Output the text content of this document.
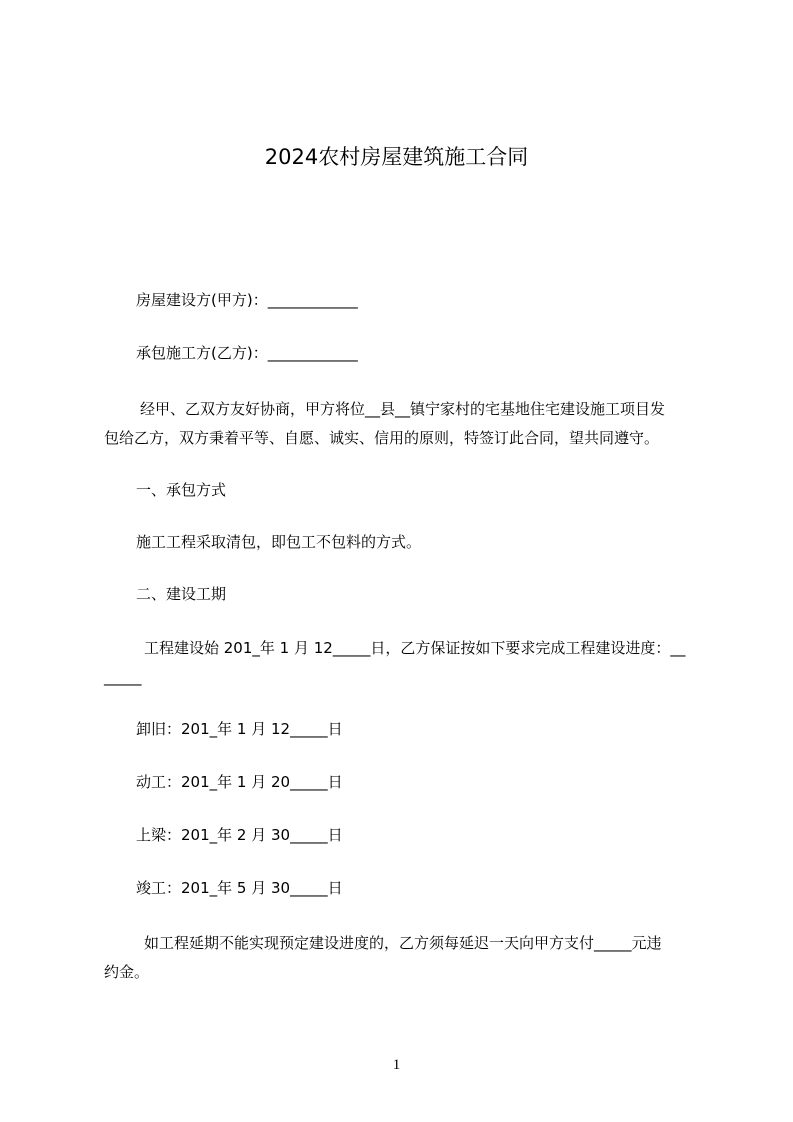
2024农村房屋建筑施工合同
房屋建设方(甲方)：____________
承包施工方(乙方)：____________
经甲、乙双方友好协商，甲方将位__县__镇宁家村的宅基地住宅建设施工项目发
包给乙方，双方秉着平等、自愿、诚实、信用的原则，特签订此合同，望共同遵守。
一、承包方式
施工工程采取清包，即包工不包料的方式。
二、建设工期
工程建设始 201_年 1 月 12_____日，乙方保证按如下要求完成工程建设进度：__
_____
卸旧：201_年 1 月 12_____日
动工：201_年 1 月 20_____日
上梁：201_年 2 月 30_____日
竣工：201_年 5 月 30_____日
如工程延期不能实现预定建设进度的，乙方须每延迟一天向甲方支付_____元违
约金。
1
